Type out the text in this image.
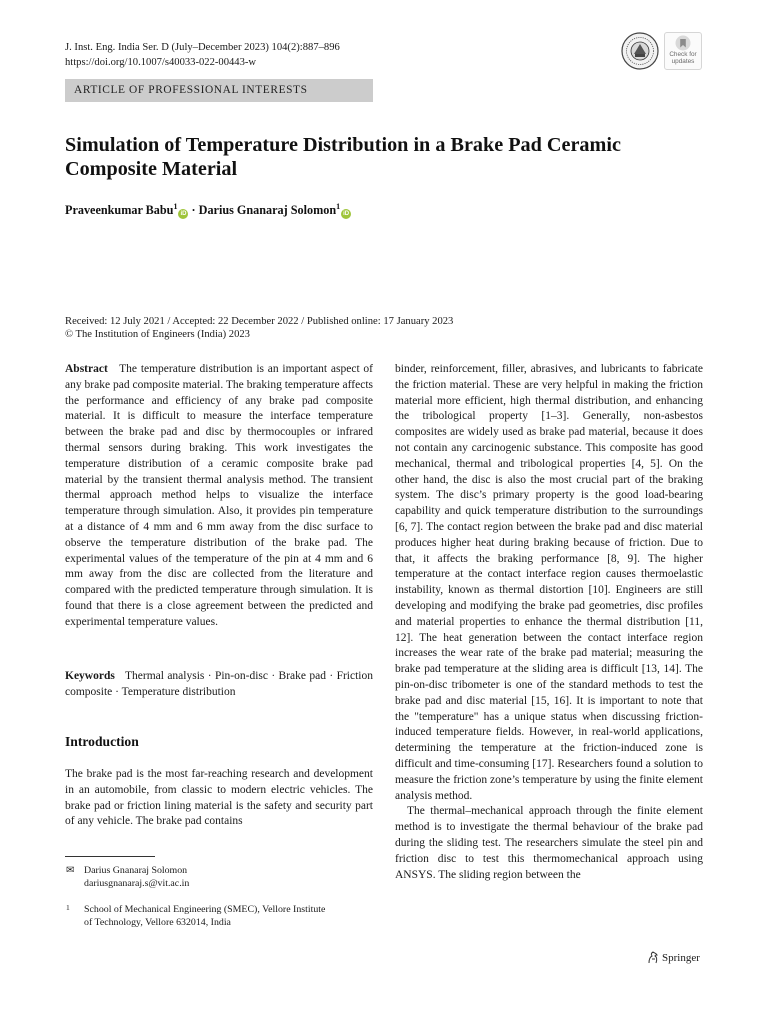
J. Inst. Eng. India Ser. D (July–December 2023) 104(2):887–896
https://doi.org/10.1007/s40033-022-00443-w
Check for updates
ARTICLE OF PROFESSIONAL INTERESTS
Simulation of Temperature Distribution in a Brake Pad Ceramic
Composite Material
Praveenkumar Babu$^1$iD · Darius Gnanaraj Solomon$^1$iD
Received: 12 July 2021 / Accepted: 22 December 2022 / Published online: 17 January 2023
© The Institution of Engineers (India) 2023

Abstract The temperature distribution is an important aspect of any brake pad composite material. The braking temperature affects the performance and efficiency of any brake pad composite material. It is difficult to measure the interface temperature between the brake pad and disc by thermocouples or infrared thermal sensors during braking. This work investigates the temperature distribution of a ceramic composite brake pad material by the transient thermal analysis method. The transient thermal approach method helps to visualize the interface temperature through simulation. Also, it provides pin temperature at a distance of 4 mm and 6 mm away from the disc surface to observe the temperature distribution of the brake pad. The experimental values of the temperature of the pin at 4 mm and 6 mm away from the disc are collected from the literature and compared with the predicted temperature through simulation. It is found that there is a close agreement between the predicted and experimental temperature values.

Keywords Thermal analysis · Pin-on-disc · Brake pad · Friction composite · Temperature distribution

Introduction

The brake pad is the most far-reaching research and development in an automobile, from classic to modern electric vehicles. The brake pad or friction lining material is the safety and security part of any vehicle. The brake pad contains

binder, reinforcement, filler, abrasives, and lubricants to fabricate the friction material. These are very helpful in making the friction material more efficient, high thermal distribution, and enhancing the tribological property [1–3]. Generally, non-asbestos composites are widely used as brake pad material, because it does not contain any carcinogenic substance. This composite has good mechanical, thermal and tribological properties [4, 5]. On the other hand, the disc is also the most crucial part of the braking system. The disc’s primary property is the good load-bearing capability and quick temperature distribution to the surroundings [6, 7]. The contact region between the brake pad and disc material produces higher heat during braking because of friction. Due to that, it affects the braking performance [8, 9]. The higher temperature at the contact interface region causes thermoelastic instability, known as thermal distortion [10]. Engineers are still developing and modifying the brake pad geometries, disc profiles and material properties to enhance the thermal distribution [11, 12]. The heat generation between the contact interface region increases the wear rate of the brake pad material; measuring the brake pad temperature at the sliding area is difficult [13, 14]. The pin-on-disc tribometer is one of the standard methods to test the brake pad and disc material [15, 16]. It is important to note that the "temperature" has a unique status when discussing friction-induced temperature fields. However, in real-world applications, determining the temperature at the friction-induced zone is difficult and time-consuming [17]. Researchers found a solution to measure the friction zone’s temperature by using the finite element analysis method.

The thermal–mechanical approach through the finite element method is to investigate the thermal behaviour of the brake pad during the sliding test. The researchers simulate the steel pin and friction disc to test this thermomechanical approach using ANSYS. The sliding region between the

✉ Darius Gnanaraj Solomon
dariusgnanaraj.s@vit.ac.in
1 School of Mechanical Engineering (SMEC), Vellore Institute
of Technology, Vellore 632014, India
Springer
